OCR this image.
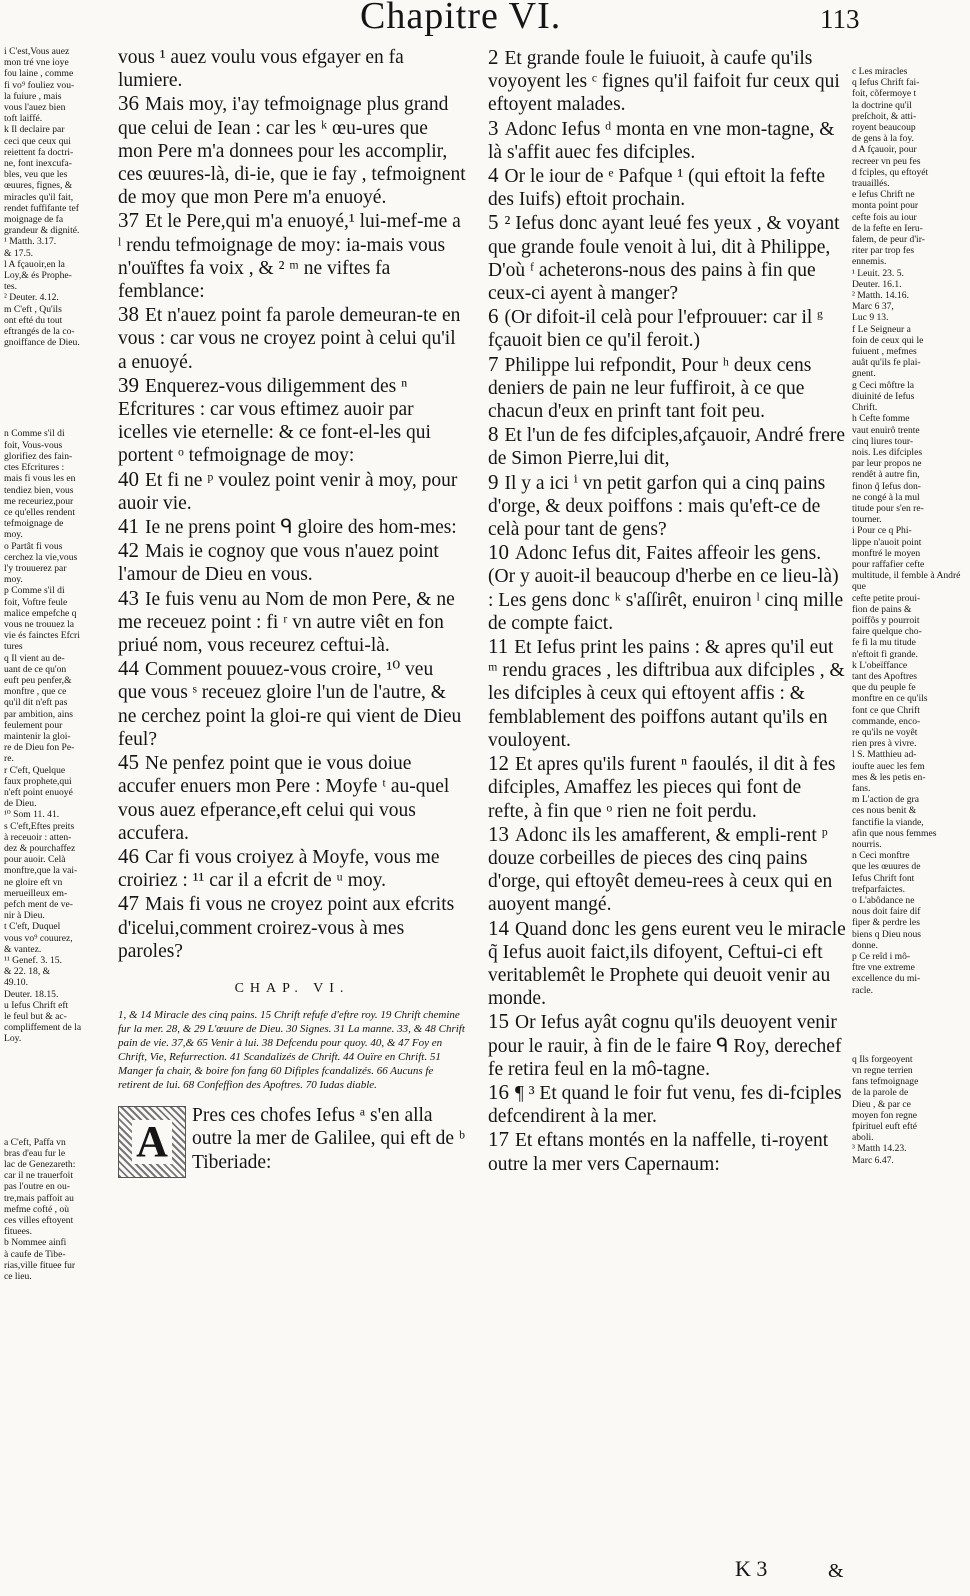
Chapitre VI.	113

i C'est,Vous auez
mon tré vne ioye
fou laine , comme
fi vo⁹ fouliez vou-
la fuiure , mais
vous l'auez bien
toft laiffé.

k Il declaire par
ceci que ceux qui
reiettent fa doctri-
ne, font inexcufa-
bles, veu que les
œuures, fignes, &
miracles qu'il fait,
rendet fuffifante tef
moignage de fa
grandeur & dignité.
¹ Matth. 3.17.
& 17.5.

l A fçauoir,en la
Loy,& és Prophe-
tes.
² Deuter. 4.12.
m C'eft , Qu'ils
ont efté du tout
eftrangés de la co-
gnoiffance de Dieu.

n Comme s'il di
foit, Vous-vous
glorifiez des fain-
ctes Efcritures :
mais fi vous les en
tendiez bien, vous
me receuriez,pour
ce qu'elles rendent
tefmoignage de
moy.
o Partât fi vous
cerchez la vie,vous
l'y trouuerez par
moy.
p Comme s'il di
foit, Voftre feule
malice empefche q
vous ne trouuez la
vie és fainctes Efcri
tures
q Il vient au de-
uant de ce qu'on
euft peu penfer,&
monftre , que ce
qu'il dit n'eft pas
par ambition, ains
feulement pour
maintenir la gloi-
re de Dieu fon Pe-
re.
r C'eft, Quelque
faux prophete,qui
n'eft point enuoyé
de Dieu.
¹⁰ Som 11. 41.
s C'eft,Eftes preits
à receuoir : atten-
dez & pourchaffez
pour auoir. Celà
monftre,que la vai-
ne gloire eft vn
merueilleux em-
pefch ment de ve-
nir à Dieu.
t C'eft, Duquel
vous vo⁹ couurez,
& vantez.
¹¹ Genef. 3. 15.
& 22. 18, &
49.10.
Deuter. 18.15.
u Iefus Chrift eft
le feul but & ac-
compliffement de la
Loy.

a C'eft, Paffa vn
bras d'eau fur le
lac de Genezareth:
car il ne trauerfoit
pas l'outre en ou-
tre,mais paffoit au
mefme cofté , où
ces villes eftoyent
fituees.
b Nommee ainfi
à caufe de Tibe-
rias,ville fituee fur
ce lieu.

vous ¹ auez voulu vous efgayer en fa lumiere.

36 Mais moy, i'ay tefmoignage plus grand que celui de Iean : car les ᵏ œu-ures que mon Pere m'a donnees pour les accomplir, ces œuures-là, di-ie, que ie fay , tefmoignent de moy que mon Pere m'a enuoyé.

37 Et le Pere,qui m'a enuoyé,¹ lui-mef-me a ˡ rendu tefmoignage de moy: ia-mais vous n'ouïftes fa voix , & ² ᵐ ne viftes fa femblance:

38 Et n'auez point fa parole demeuran-te en vous : car vous ne croyez point à celui qu'il a enuoyé.

39 Enquerez-vous diligemment des ⁿ Efcritures : car vous eftimez auoir par icelles vie eternelle: & ce font-el-les qui portent ᵒ tefmoignage de moy:

40 Et fi ne ᵖ voulez point venir à moy, pour auoir vie.

41 Ie ne prens point ᑫ gloire des hom-mes:

42 Mais ie cognoy que vous n'auez point l'amour de Dieu en vous.

43 Ie fuis venu au Nom de mon Pere, & ne me receuez point : fi ʳ vn autre viêt en fon priué nom, vous receurez ceftui-là.

44 Comment pouuez-vous croire, ¹⁰ veu que vous ˢ receuez gloire l'un de l'autre, & ne cerchez point la gloi-re qui vient de Dieu feul?

45 Ne penfez point que ie vous doiue accufer enuers mon Pere : Moyfe ᵗ au-quel vous auez efperance,eft celui qui vous accufera.

46 Car fi vous croiyez à Moyfe, vous me croiriez : ¹¹ car il a efcrit de ᵘ moy.

47 Mais fi vous ne croyez point aux efcrits d'icelui,comment croirez-vous à mes paroles?

CHAP. VI.

1, & 14 Miracle des cinq pains. 15 Chrift refufe d'eftre roy. 19 Chrift chemine fur la mer. 28, & 29 L'œuure de Dieu. 30 Signes. 31 La manne. 33, & 48 Chrift pain de vie. 37,& 65 Venir à lui. 38 Defcendu pour quoy. 40, & 47 Foy en Chrift, Vie, Refurrection. 41 Scandalizés de Chrift. 44 Ouïre en Chrift. 51 Manger fa chair, & boire fon fang 60 Difiples fcandalizés. 66 Aucuns fe retirent de lui. 68 Confeffion des Apoftres. 70 Iudas diable.

A

Pres ces chofes Iefus ᵃ s'en alla outre la mer de Galilee, qui eft de ᵇ Tiberiade:

2 Et grande foule le fuiuoit, à caufe qu'ils voyoyent les ᶜ fignes qu'il faifoit fur ceux qui eftoyent malades.

3 Adonc Iefus ᵈ monta en vne mon-tagne, & là s'affit auec fes difciples.

4 Or le iour de ᵉ Pafque ¹ (qui eftoit la fefte des Iuifs) eftoit prochain.

5 ² Iefus donc ayant leué fes yeux , & voyant que grande foule venoit à lui, dit à Philippe, D'où ᶠ acheterons-nous des pains à fin que ceux-ci ayent à manger?

6 (Or difoit-il celà pour l'efprouuer: car il ᵍ fçauoit bien ce qu'il feroit.)

7 Philippe lui refpondit, Pour ʰ deux cens deniers de pain ne leur fuffiroit, à ce que chacun d'eux en prinft tant foit peu.

8 Et l'un de fes difciples,afçauoir, André frere de Simon Pierre,lui dit,

9 Il y a ici ⁱ vn petit garfon qui a cinq pains d'orge, & deux poiffons : mais qu'eft-ce de celà pour tant de gens?

10 Adonc Iefus dit, Faites affeoir les gens. (Or y auoit-il beaucoup d'herbe en ce lieu-là) : Les gens donc ᵏ s'aſſirêt, enuiron ˡ cinq mille de compte faict.

11 Et Iefus print les pains : & apres qu'il eut ᵐ rendu graces , les diftribua aux difciples , & les difciples à ceux qui eftoyent affis : & femblablement des poiffons autant qu'ils en vouloyent.

12 Et apres qu'ils furent ⁿ faoulés, il dit à fes difciples, Amaffez les pieces qui font de refte, à fin que ᵒ rien ne foit perdu.

13 Adonc ils les amafferent, & empli-rent ᵖ douze corbeilles de pieces des cinq pains d'orge, qui eftoyêt demeu-rees à ceux qui en auoyent mangé.

14 Quand donc les gens eurent veu le miracle q̃ Iefus auoit faict,ils difoyent, Ceftui-ci eft veritablemêt le Prophete qui deuoit venir au monde.

15 Or Iefus ayât cognu qu'ils deuoyent venir pour le rauir, à fin de le faire ᑫ Roy, derechef fe retira feul en la mô-tagne.

16 ¶ ³ Et quand le foir fut venu, fes di-fciples defcendirent à la mer.

17 Et eftans montés en la naffelle, ti-royent outre la mer vers Capernaum:

c Les miracles
q Iefus Chrift fai-
foit, cõfermoye t
la doctrine qu'il
preſchoit, & atti-
royent beaucoup
de gens à la foy.
d A fçauoir, pour
recreer vn peu fes
d fciples, qu eftoyét
trauaillés.
e Iefus Chrift ne
monta point pour
cefte fois au iour
de la fefte en Ieru-
falem, de peur d'ir-
riter par trop fes
ennemis.
¹ Leuit. 23. 5.
Deuter. 16.1.
² Matth. 14.16.
Marc 6 37,
Luc 9 13.
f Le Seigneur a
foin de ceux qui le
fuiuent , mefmes
auât qu'ils fe plai-
gnent.
g Ceci môftre la
diuinité de Iefus
Chrift.
h Cefte fomme
vaut enuirô trente
cinq liures tour-
nois. Les difciples
par leur propos ne
rendêt à autre fin,
finon q̃ Iefus don-
ne congé à la mul
titude pour s'en re-
tourner.
i Pour ce q Phi-
lippe n'auoit point
monftré le moyen
pour raffafier cefte
multitude, il femble à André que
cefte petite proui-
fion de pains &
poiffôs y pourroit
faire quelque cho-
fe fi la mu titude
n'eftoit fi grande.
k L'obeïffance
tant des Apoftres
que du peuple fe
monftre en ce qu'ils
font ce que Chrift
commande, enco-
re qu'ils ne voyêt
rien pres à vivre.
l S. Matthieu ad-
ioufte auec les fem
mes & les petis en-
fans.
m L'action de gra
ces nous benit &
fanctifie la viande,
afin que nous femmes
nourris.
n Ceci monftre
que les œuures de
Iefus Chrift font
trefparfaictes.
o L'abôdance ne
nous doit faire dif
fiper & perdre les
biens q Dieu nous
donne.
p Ce reîd i mô-
ftre vne extreme
excellence du mi-
racle.

q Ils forgeoyent
vn regne terrien
fans tefmoignage
de la parole de
Dieu , & par ce
moyen fon regne
fpirituel euft efté
aboli.
³ Matth 14.23.
Marc 6.47.

K 3	&
